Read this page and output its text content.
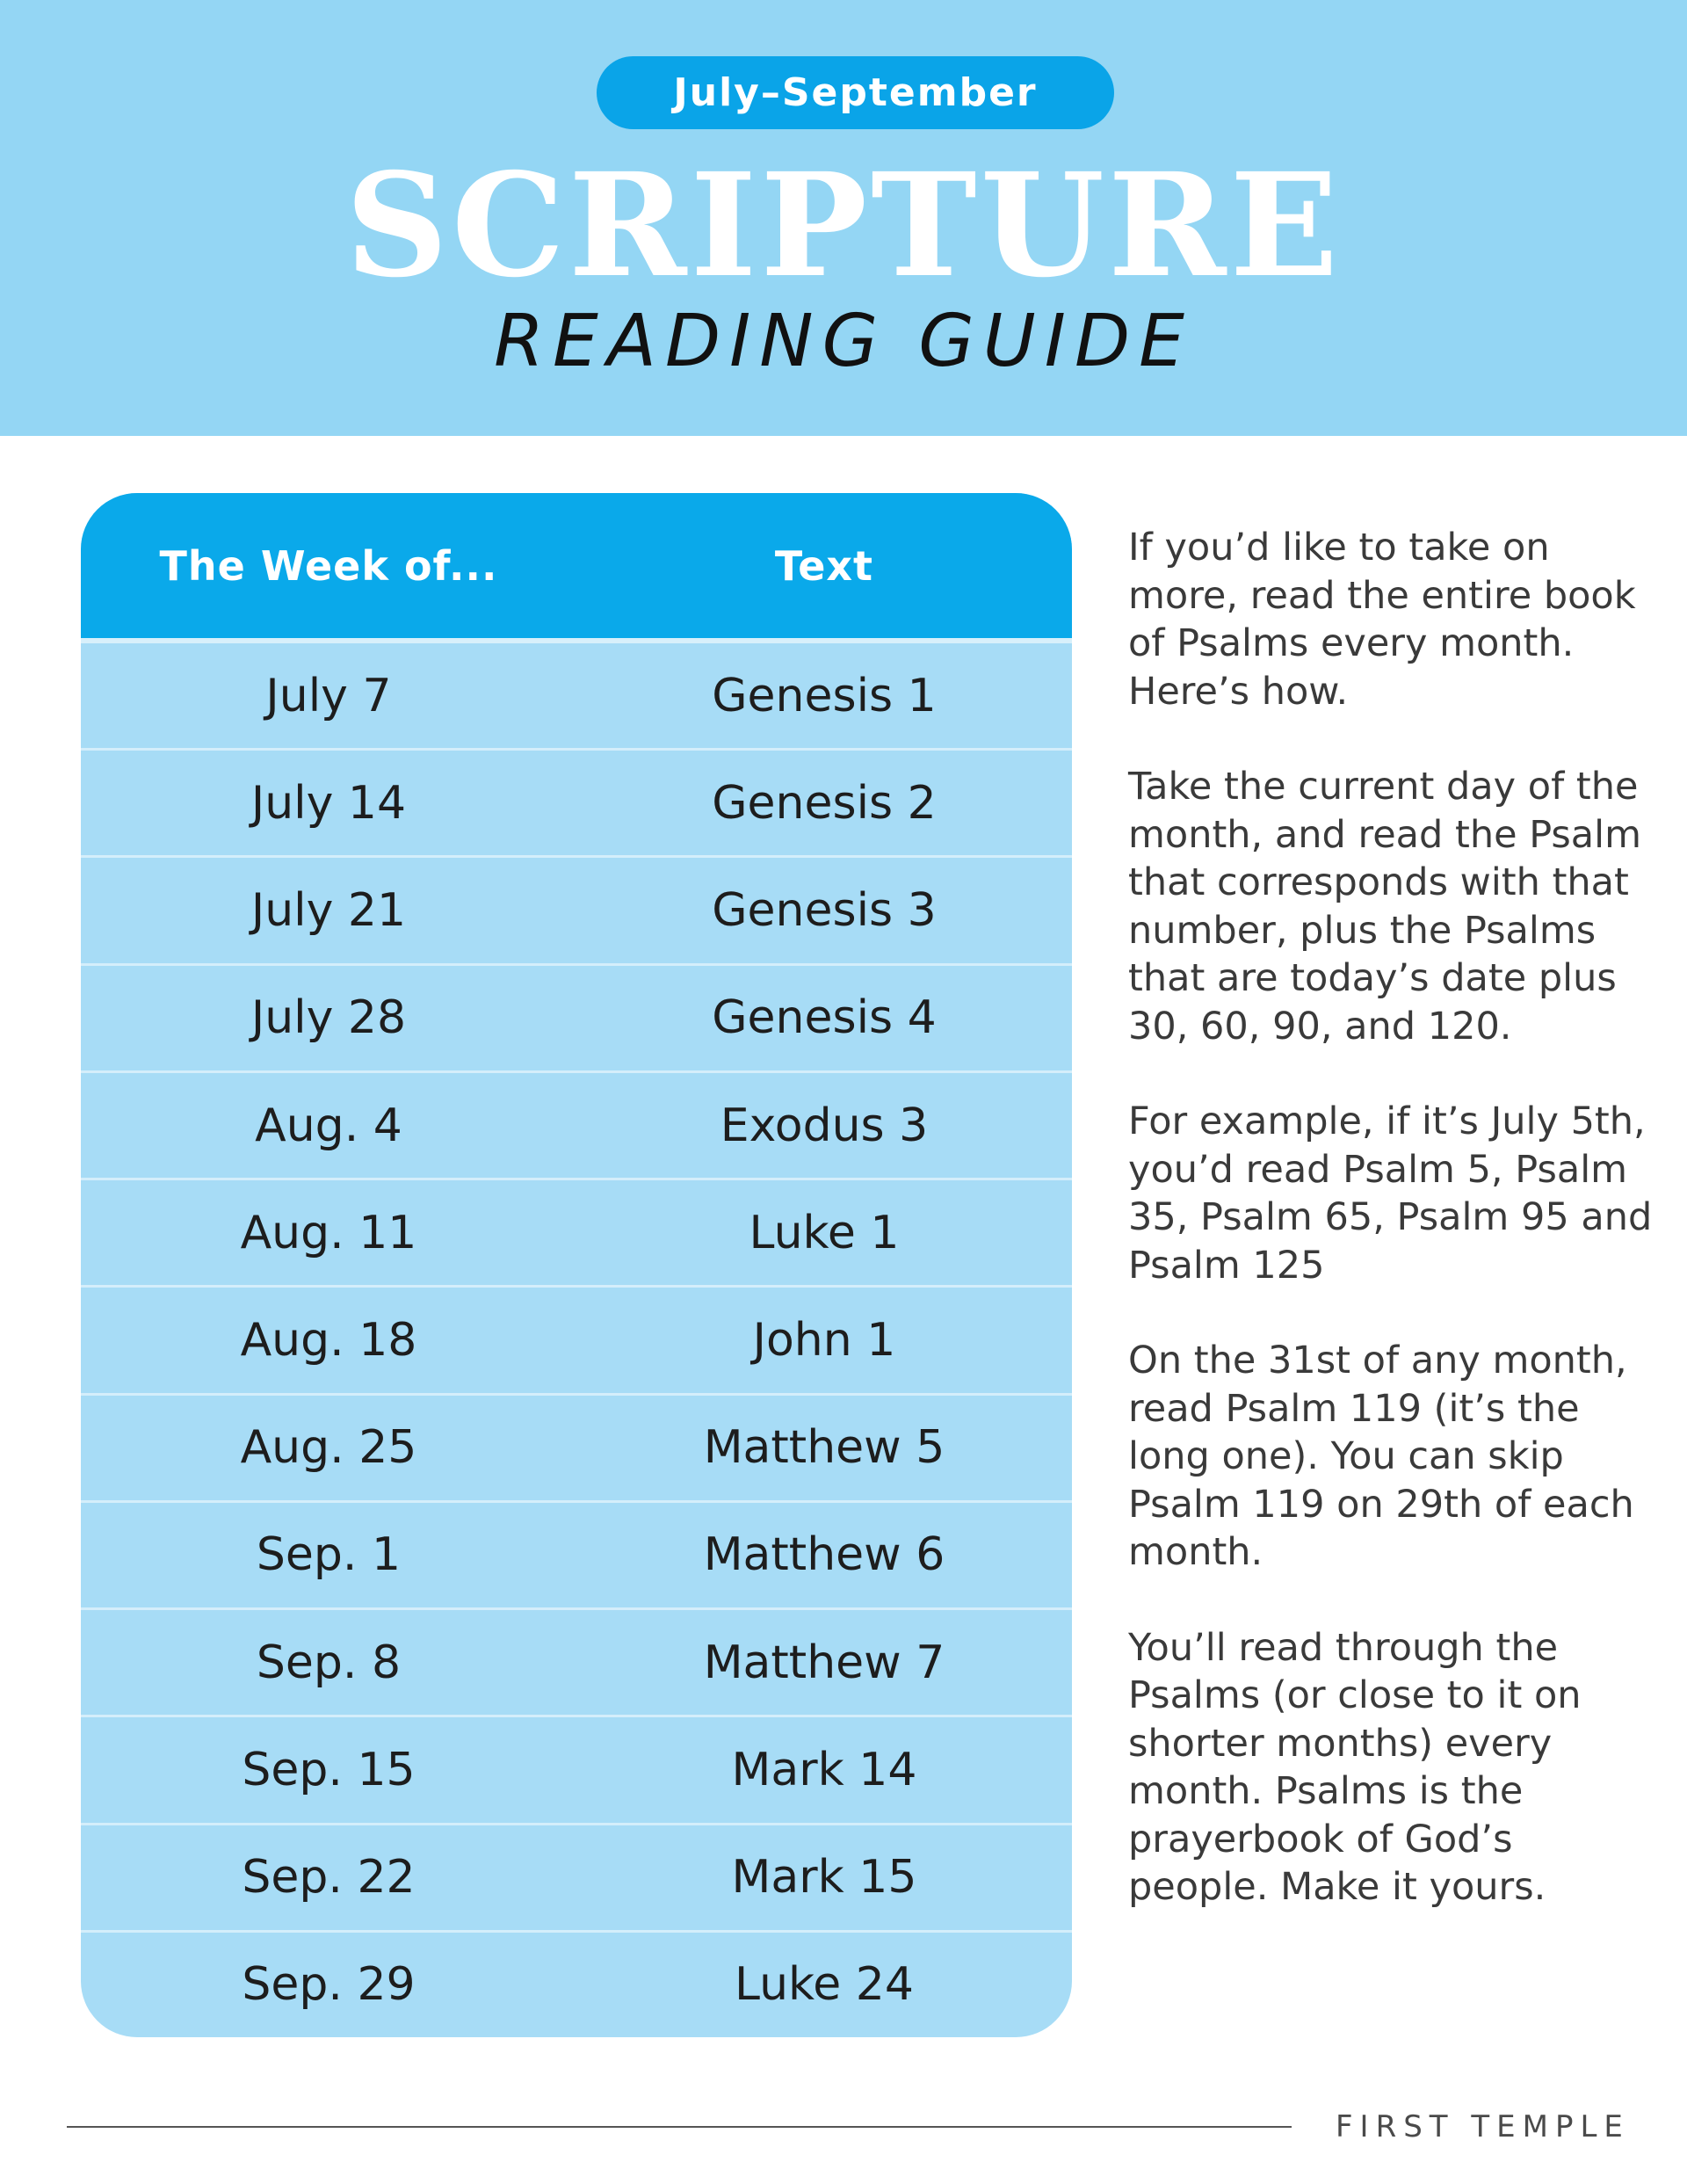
July–September
SCRIPTURE
READING GUIDE
The Week of...	Text
July 7	Genesis 1
July 14	Genesis 2
July 21	Genesis 3
July 28	Genesis 4
Aug. 4	Exodus 3
Aug. 11	Luke 1
Aug. 18	John 1
Aug. 25	Matthew 5
Sep. 1	Matthew 6
Sep. 8	Matthew 7
Sep. 15	Mark 14
Sep. 22	Mark 15
Sep. 29	Luke 24

If you’d like to take on more, read the entire book of Psalms every month. Here’s how.

Take the current day of the month, and read the Psalm that corresponds with that number, plus the Psalms that are today’s date plus 30, 60, 90, and 120.

For example, if it’s July 5th, you’d read Psalm 5, Psalm 35, Psalm 65, Psalm 95 and Psalm 125

On the 31st of any month, read Psalm 119 (it’s the long one). You can skip Psalm 119 on 29th of each month.

You’ll read through the Psalms (or close to it on shorter months) every month. Psalms is the prayerbook of God’s people. Make it yours.

FIRST TEMPLE
